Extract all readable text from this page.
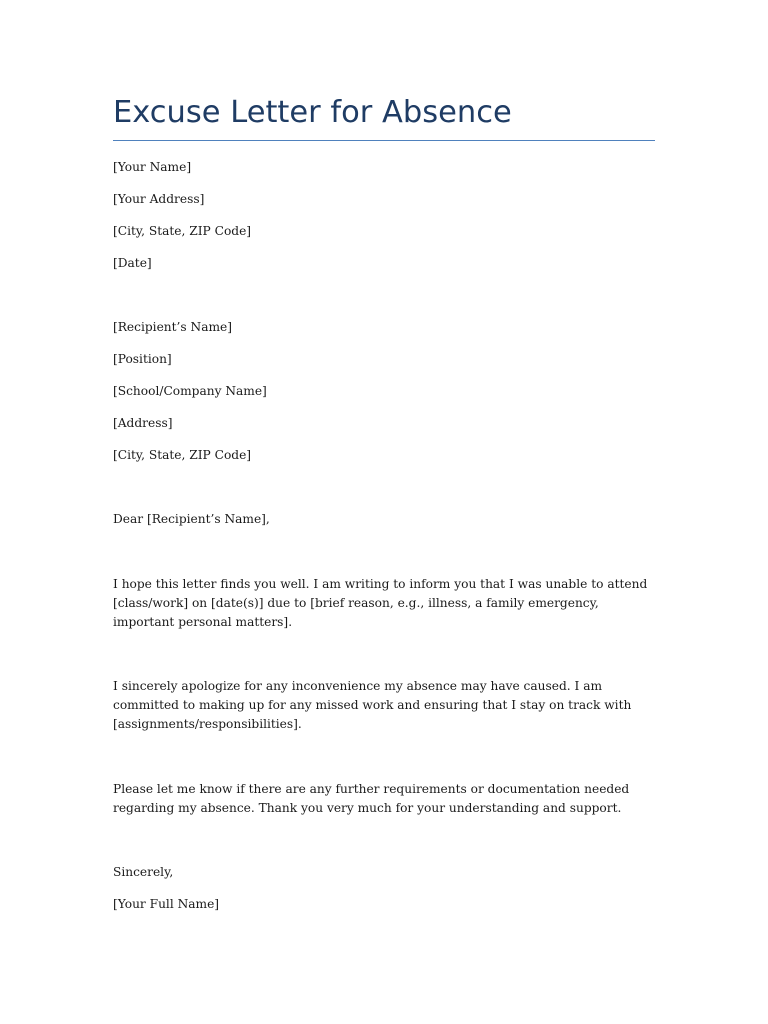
Excuse Letter for Absence
[Your Name]
[Your Address]
[City, State, ZIP Code]
[Date]
[Recipient’s Name]
[Position]
[School/Company Name]
[Address]
[City, State, ZIP Code]
Dear [Recipient’s Name],

I hope this letter finds you well. I am writing to inform you that I was unable to attend [class/work] on [date(s)] due to [brief reason, e.g., illness, a family emergency, important personal matters].

I sincerely apologize for any inconvenience my absence may have caused. I am committed to making up for any missed work and ensuring that I stay on track with [assignments/responsibilities].

Please let me know if there are any further requirements or documentation needed regarding my absence. Thank you very much for your understanding and support.

Sincerely,
[Your Full Name]
